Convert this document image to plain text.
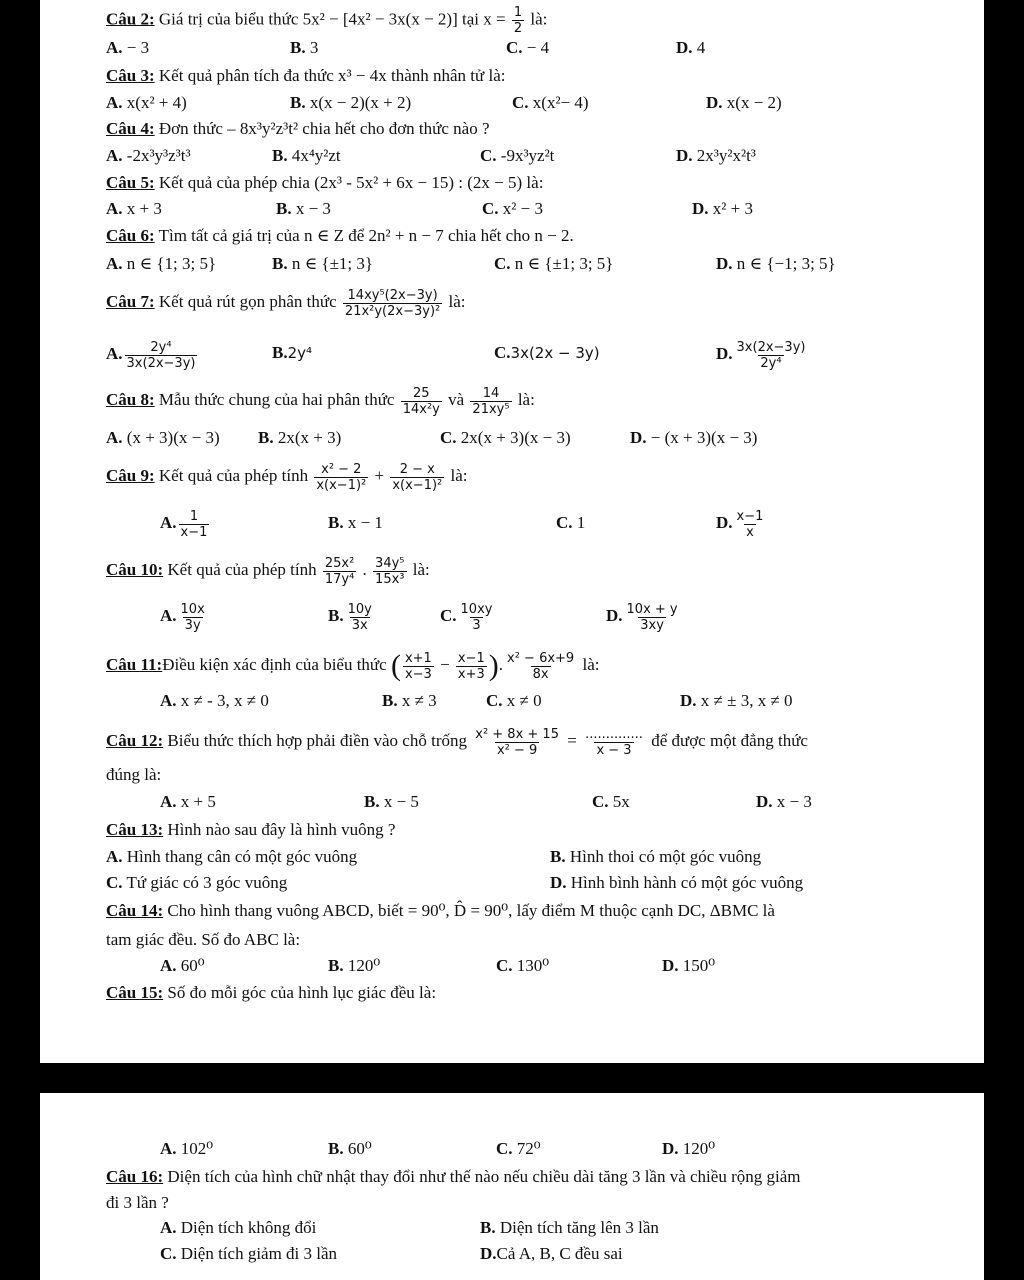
Câu 2: Giá trị của biểu thức 5x² − [4x² − 3x(x − 2)] tại $x = \frac{1}{2}$ là:
A. − 3	B. 3	C. − 4	D. 4
Câu 3: Kết quả phân tích đa thức x³ − 4x thành nhân tử là:
A. x(x² + 4)	B. x(x − 2)(x + 2)	C. x(x²− 4)	D. x(x − 2)
Câu 4: Đơn thức – 8x³y²z³t² chia hết cho đơn thức nào ?
A. -2x³y³z³t³	B. 4x⁴y²zt	C. -9x³yz²t	D. 2x³y²x²t³
Câu 5: Kết quả của phép chia (2x³ - 5x² + 6x − 15) : (2x − 5) là:
A. x + 3	B. x − 3	C. x² − 3	D. x² + 3
Câu 6: Tìm tất cả giá trị của n ∈ Z để 2n² + n − 7 chia hết cho n − 2.
A. n ∈ {1; 3; 5}	B. n ∈ {±1; 3}	C. n ∈ {±1; 3; 5}	D. n ∈ {−1; 3; 5}
Câu 7: Kết quả rút gọn phân thức $\frac{\text{14xy⁵(2x−3y)}}{\text{21x²y(2x−3y)²}}$ là:
A. $\frac{\text{2y⁴}}{3x(2x-3y)}$	B.2y⁴	C.3x(2x − 3y)	D. $\frac{3x(2x-3y)}{\text{2y⁴}}$
Câu 8: Mẫu thức chung của hai phân thức $\frac{25}{\text{14x²y}}$ và $\frac{14}{\text{21xy⁵}}$ là:
A. (x + 3)(x − 3) B. 2x(x + 3)	C. 2x(x + 3)(x − 3)	D. − (x + 3)(x − 3)
Câu 9: Kết quả của phép tính $\frac{\text{x² − 2}}{\text{x(x−1)²}} + \frac{2 - x}{\text{x(x−1)²}}$ là:
A. $\frac{1}{x-1}$	B. x − 1	C. 1	D. $\frac{x-1}{x}$
Câu 10: Kết quả của phép tính $\frac{\text{25x²}}{\text{17y⁴}}$ . $\frac{\text{34y⁵}}{\text{15x³}}$ là:
A. $\frac{10x}{3y}$	B. $\frac{10y}{3x}$	C. $\frac{10xy}{3}$	D. $\frac{10x + y}{3xy}$
Câu 11:Điều kiện xác định của biểu thức ( $\frac{x+1}{x-3} - \frac{x-1}{x+3}$ ). $\frac{\text{x² − 6x+9}}{8x}$ là:
A. x ≠ - 3, x ≠ 0	B. x ≠ 3	C. x ≠ 0	D. x ≠ ± 3, x ≠ 0
Câu 12: Biểu thức thích hợp phải điền vào chỗ trống $\frac{\text{x² + 8x + 15}}{\text{x² − 9}} = \frac{..............}{x - 3}$ để được một đẳng thức
đúng là:
A. x + 5	B. x − 5	C. 5x	D. x − 3
Câu 13: Hình nào sau đây là hình vuông ?
A. Hình thang cân có một góc vuông	B. Hình thoi có một góc vuông
C. Tứ giác có 3 góc vuông	D. Hình bình hành có một góc vuông
Câu 14: Cho hình thang vuông ABCD, biết = 90⁰, D̂ = 90⁰, lấy điểm M thuộc cạnh DC, ΔBMC là
tam giác đều. Số đo ABC là:
A. 60⁰	B. 120⁰	C. 130⁰	D. 150⁰
Câu 15: Số đo mỗi góc của hình lục giác đều là:
A. 102⁰	B. 60⁰	C. 72⁰	D. 120⁰
Câu 16: Diện tích của hình chữ nhật thay đổi như thế nào nếu chiều dài tăng 3 lần và chiều rộng giảm
đi 3 lần ?
A. Diện tích không đổi	B. Diện tích tăng lên 3 lần
C. Diện tích giảm đi 3 lần	D.Cả A, B, C đều sai
